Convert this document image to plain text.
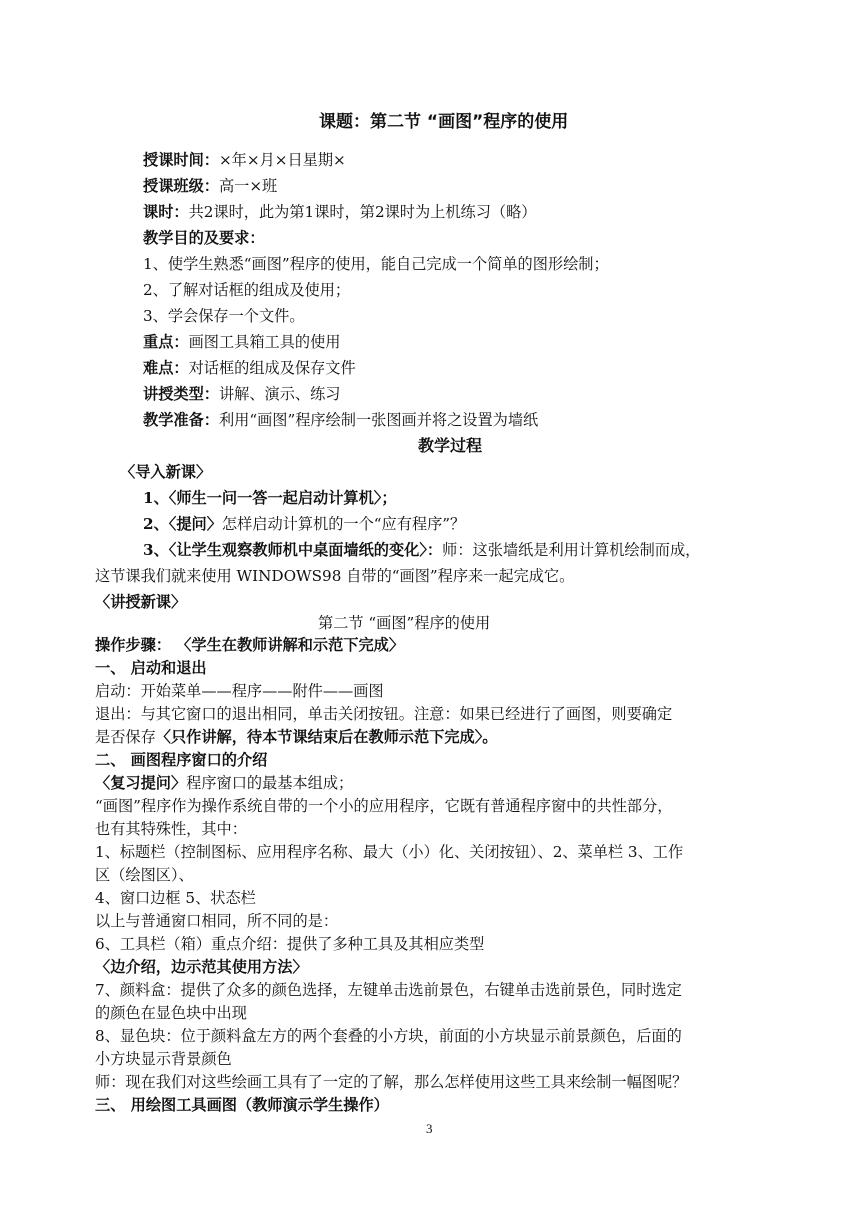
课题：第二节 “画图”程序的使用
授课时间：×年×月×日星期×
授课班级：高一×班
课时：共2课时，此为第1课时，第2课时为上机练习（略）
教学目的及要求：
1、使学生熟悉“画图”程序的使用，能自己完成一个简单的图形绘制；
2、了解对话框的组成及使用；
3、学会保存一个文件。
重点：画图工具箱工具的使用
难点：对话框的组成及保存文件
讲授类型：讲解、演示、练习
教学准备：利用“画图”程序绘制一张图画并将之设置为墙纸
教学过程
〈导入新课〉
1、〈师生一问一答一起启动计算机〉；
2、〈提问〉怎样启动计算机的一个“应有程序”？
3、〈让学生观察教师机中桌面墙纸的变化〉：师：这张墙纸是利用计算机绘制而成，
这节课我们就来使用 WINDOWS98 自带的“画图”程序来一起完成它。
〈讲授新课〉
第二节 “画图”程序的使用
操作步骤： 〈学生在教师讲解和示范下完成〉
一、 启动和退出
启动：开始菜单——程序——附件——画图
退出：与其它窗口的退出相同，单击关闭按钮。注意：如果已经进行了画图，则要确定
是否保存〈只作讲解，待本节课结束后在教师示范下完成〉。
二、 画图程序窗口的介绍
〈复习提问〉程序窗口的最基本组成；
“画图”程序作为操作系统自带的一个小的应用程序，它既有普通程序窗中的共性部分，
也有其特殊性，其中：
1、标题栏（控制图标、应用程序名称、最大（小）化、关闭按钮）、2、菜单栏 3、工作
区（绘图区）、
4、窗口边框 5、状态栏
以上与普通窗口相同，所不同的是：
6、工具栏（箱）重点介绍：提供了多种工具及其相应类型
〈边介绍，边示范其使用方法〉
7、颜料盒：提供了众多的颜色选择，左键单击选前景色，右键单击选前景色，同时选定
的颜色在显色块中出现
8、显色块：位于颜料盒左方的两个套叠的小方块，前面的小方块显示前景颜色，后面的
小方块显示背景颜色
师：现在我们对这些绘画工具有了一定的了解，那么怎样使用这些工具来绘制一幅图呢？
三、 用绘图工具画图（教师演示学生操作）
3
